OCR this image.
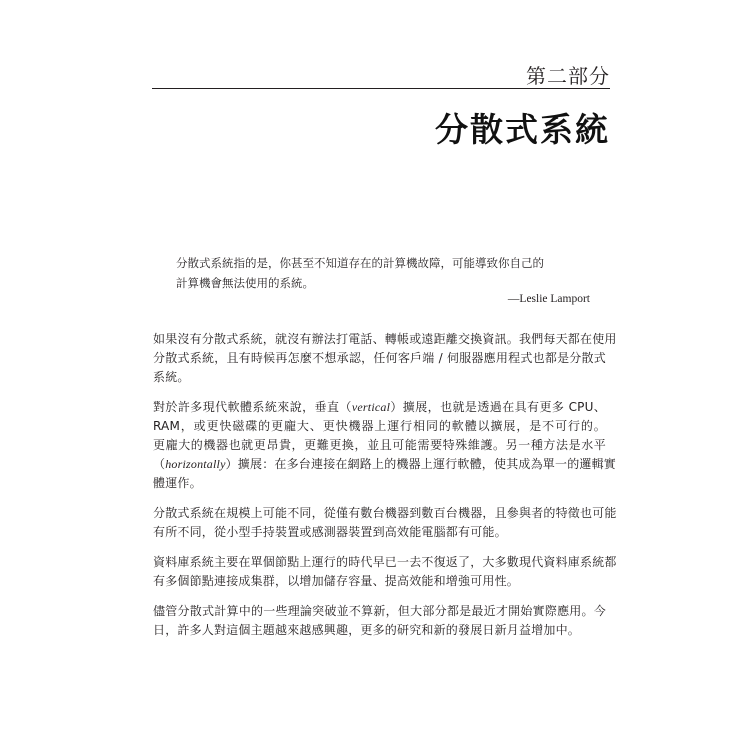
第二部分
分散式系統
分散式系統指的是，你甚至不知道存在的計算機故障，可能導致你自己的
計算機會無法使用的系統。
—Leslie Lamport

如果沒有分散式系統，就沒有辦法打電話、轉帳或遠距離交換資訊。我們每天都在使用
分散式系統，且有時候再怎麼不想承認，任何客戶端 / 伺服器應用程式也都是分散式
系統。

對於許多現代軟體系統來說，垂直（vertical）擴展，也就是透過在具有更多 CPU、
RAM，或更快磁碟的更龐大、更快機器上運行相同的軟體以擴展，是不可行的。
更龐大的機器也就更昂貴，更難更換，並且可能需要特殊維護。另一種方法是水平
（horizontally）擴展：在多台連接在網路上的機器上運行軟體，使其成為單一的邏輯實
體運作。

分散式系統在規模上可能不同，從僅有數台機器到數百台機器，且參與者的特徵也可能
有所不同，從小型手持裝置或感測器裝置到高效能電腦都有可能。

資料庫系統主要在單個節點上運行的時代早已一去不復返了，大多數現代資料庫系統都
有多個節點連接成集群，以增加儲存容量、提高效能和增強可用性。

儘管分散式計算中的一些理論突破並不算新，但大部分都是最近才開始實際應用。今
日，許多人對這個主題越來越感興趣，更多的研究和新的發展日新月益增加中。
